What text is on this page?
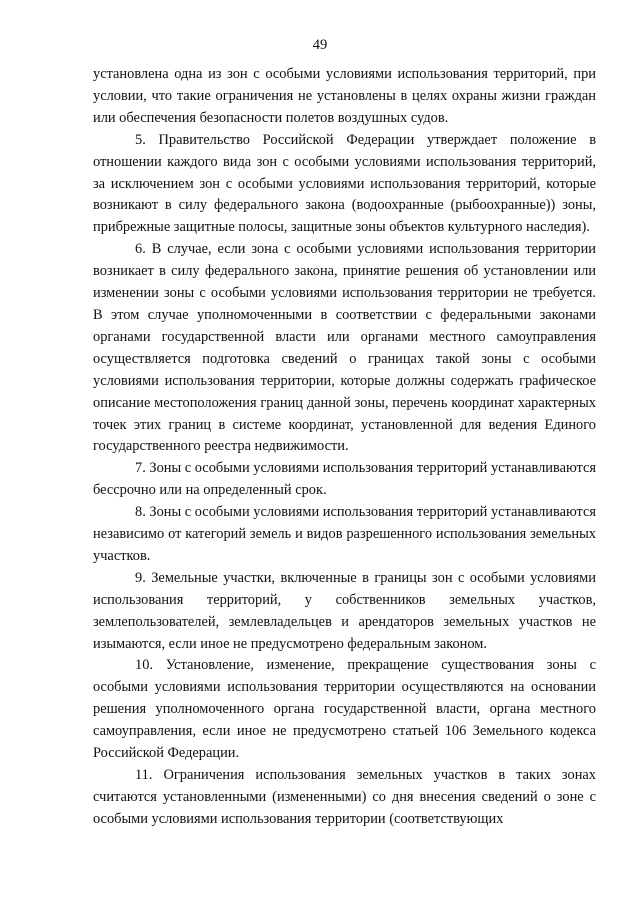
49

установлена одна из зон с особыми условиями использования территорий, при условии, что такие ограничения не установлены в целях охраны жизни граждан или обеспечения безопасности полетов воздушных судов.

5. Правительство Российской Федерации утверждает положение в отношении каждого вида зон с особыми условиями использования территорий, за исключением зон с особыми условиями использования территорий, которые возникают в силу федерального закона (водоохранные (рыбоохранные)) зоны, прибрежные защитные полосы, защитные зоны объектов культурного наследия).

6. В случае, если зона с особыми условиями использования территории возникает в силу федерального закона, принятие решения об установлении или изменении зоны с особыми условиями использования территории не требуется. В этом случае уполномоченными в соответствии с федеральными законами органами государственной власти или органами местного самоуправления осуществляется подготовка сведений о границах такой зоны с особыми условиями использования территории, которые должны содержать графическое описание местоположения границ данной зоны, перечень координат характерных точек этих границ в системе координат, установленной для ведения Единого государственного реестра недвижимости.

7. Зоны с особыми условиями использования территорий устанавливаются бессрочно или на определенный срок.

8. Зоны с особыми условиями использования территорий устанавливаются независимо от категорий земель и видов разрешенного использования земельных участков.

9. Земельные участки, включенные в границы зон с особыми условиями использования территорий, у собственников земельных участков, землепользователей, землевладельцев и арендаторов земельных участков не изымаются, если иное не предусмотрено федеральным законом.

10. Установление, изменение, прекращение существования зоны с особыми условиями использования территории осуществляются на основании решения уполномоченного органа государственной власти, органа местного самоуправления, если иное не предусмотрено статьей 106 Земельного кодекса Российской Федерации.

11. Ограничения использования земельных участков в таких зонах считаются установленными (измененными) со дня внесения сведений о зоне с особыми условиями использования территории (соответствующих
